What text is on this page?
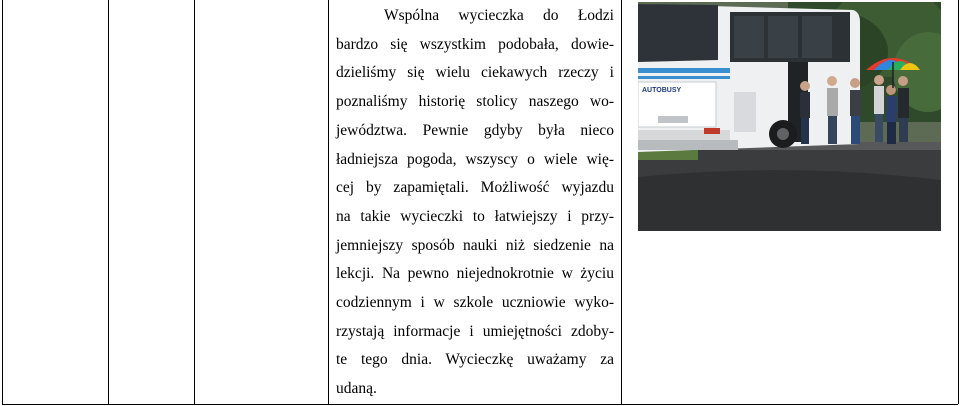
Wspólna wycieczka do Łodzi
bardzo się wszystkim podobała, dowie-
dzieliśmy się wielu ciekawych rzeczy i
poznaliśmy historię stolicy naszego wo-
jewództwa. Pewnie gdyby była nieco
ładniejsza pogoda, wszyscy o wiele wię-
cej by zapamiętali. Możliwość wyjazdu
na takie wycieczki to łatwiejszy i przy-
jemniejszy sposób nauki niż siedzenie na
lekcji. Na pewno niejednokrotnie w życiu
codziennym i w szkole uczniowie wyko-
rzystają informacje i umiejętności zdoby-
te tego dnia. Wycieczkę uważamy za
udaną.

AUTOBUSY
